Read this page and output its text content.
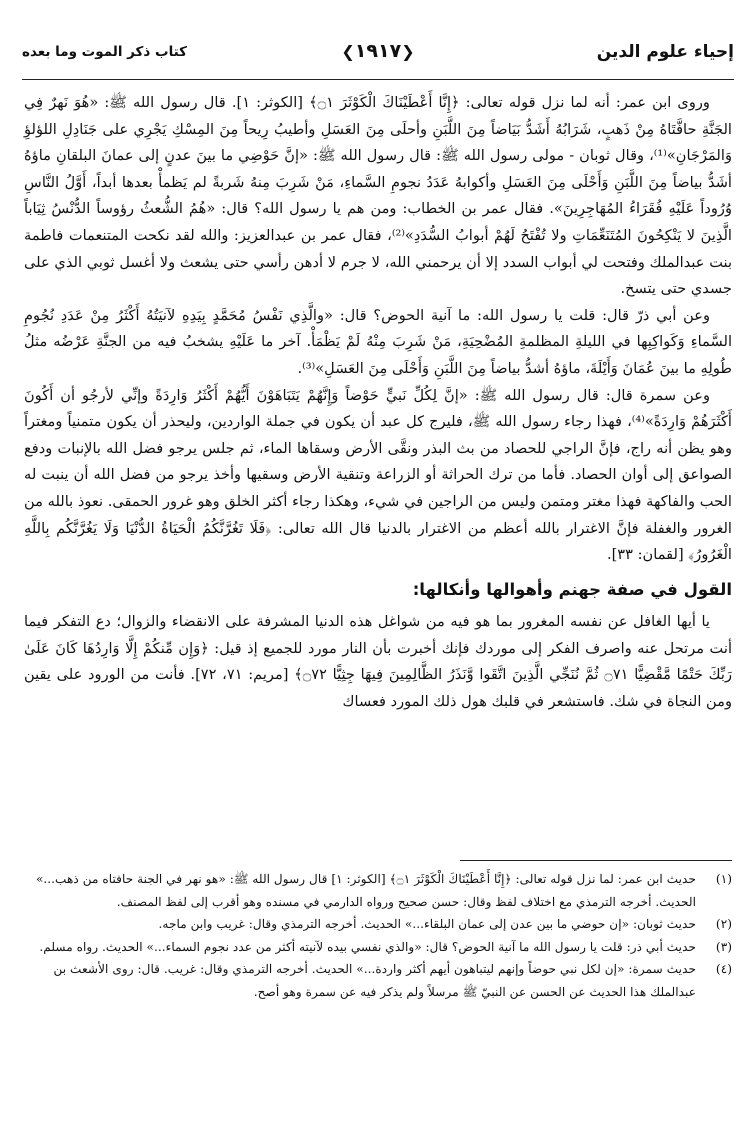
إحياء علوم الدين
❮١٩١٧❯
كتاب ذكر الموت وما بعده

وروى ابن عمر: أنه لما نزل قوله تعالى: ﴿إِنَّا أَعْطَيْنَاكَ الْكَوْثَرَ ۝١﴾ [الكوثر: ١]. قال رسول الله ﷺ: «هُوَ نَهرٌ فِي الجَنَّةِ حافَّتَاهُ مِنْ ذَهبٍ، شَرَابُهُ أَشَدُّ بَيَاضاً مِنَ اللَّبَنِ وأحلَى مِنَ العَسَلِ وأطيبُ رِيحاً مِنَ المِسْكِ يَجْرِي على جَنَادِلِ اللؤلؤِ وَالمَرْجَانِ»⁽¹⁾، وقال ثوبان - مولى رسول الله ﷺ: قال رسول الله ﷺ: «إنَّ حَوْضِي ما بينَ عدنٍ إلى عمانَ البلقانِ ماؤهُ أشَدُّ بياضاً مِنَ اللَّبَنِ وَأَحْلَى مِنَ العَسَلِ وأكوابهُ عَدَدُ نجومِ السَّماءِ، مَنْ شَرِبَ مِنهُ شَربةً لم يَظمأْ بعدها أبداً، أَوَّلُ النَّاسِ وُرُوداً عَلَيْهِ فُقَرَاءُ المُهَاجِرِينَ». فقال عمر بن الخطاب: ومن هم يا رسول الله؟ قال: «هُمُ الشُّعثُ رؤوساً الدُّنْسُ ثِيَاباً الَّذِينَ لا يَنْكِحُونَ المُتَنَعِّمَاتِ ولا تُفْتَحُ لَهُمْ أبوابُ السُّدَدِ»⁽²⁾، فقال عمر بن عبدالعزيز: والله لقد نكحت المتنعمات فاطمة بنت عبدالملك وفتحت لي أبواب السدد إلا أن يرحمني الله، لا جرم لا أدهن رأسي حتى يشعث ولا أغسل ثوبي الذي على جسدي حتى يتسخ.

وعن أبي ذرّ قال: قلت يا رسول الله: ما آنية الحوض؟ قال: «والَّذِي نَفْسُ مُحَمَّدٍ بِيَدِهِ لآنيَتُهُ أَكْثَرُ مِنْ عَدَدِ نُجُومِ السَّماءِ وَكَواكِبِها في الليلةِ المظلمةِ المُضْحِيَةِ، مَنْ شَرِبَ مِنْهُ لَمْ يَظْمَأْ. آخر ما عَلَيْهِ يشخبُ فيه من الجنَّةِ عَرْضُه مثلُ طُولِهِ ما بينَ عُمَانَ وَأَيْلَةَ، ماؤهُ أشدُّ بياضاً مِنَ اللَّبَنِ وَأَحْلَى مِنَ العَسَلِ»⁽³⁾.

وعن سمرة قال: قال رسول الله ﷺ: «إنَّ لِكُلِّ نَبيٍّ حَوْضاً وَإِنَّهُمْ يَتَبَاهَوْنَ أَيُّهُمْ أَكْثَرُ وَارِدَةً وإنِّي لأرجُو أن أَكُونَ أَكْثَرَهُمْ وَارِدَةً»⁽⁴⁾، فهذا رجاء رسول الله ﷺ، فليرج كل عبد أن يكون في جملة الواردين، وليحذر أن يكون متمنياً ومغتراً وهو يظن أنه راج، فإنَّ الراجي للحصاد من بث البذر ونقَّى الأرض وسقاها الماء، ثم جلس يرجو فضل الله بالإنبات ودفع الصواعق إلى أوان الحصاد. فأما من ترك الحراثة أو الزراعة وتنقية الأرض وسقيها وأخذ يرجو من فضل الله أن ينبت له الحب والفاكهة فهذا مغتر ومتمن وليس من الراجين في شيء، وهكذا رجاء أكثر الخلق وهو غرور الحمقى. نعوذ بالله من الغرور والغفلة فإنَّ الاغترار بالله أعظم من الاغترار بالدنيا قال الله تعالى: ﴿فَلَا تَغُرَّنَّكُمُ الْحَيَاةُ الدُّنْيَا وَلَا يَغُرَّنَّكُم بِاللَّهِ الْغَرُورُ﴾ [لقمان: ٣٣].

القول في صفة جهنم وأهوالها وأنكالها:

يا أيها الغافل عن نفسه المغرور بما هو فيه من شواغل هذه الدنيا المشرفة على الانقضاء والزوال؛ دع التفكر فيما أنت مرتحل عنه واصرف الفكر إلى موردك فإنك أخبرت بأن النار مورد للجميع إذ قيل: ﴿وَإِن مِّنكُمْ إِلَّا وَارِدُهَا كَانَ عَلَىٰ رَبِّكَ حَتْمًا مَّقْضِيًّا ۝٧١ ثُمَّ نُنَجِّي الَّذِينَ اتَّقَوا وَّنَذَرُ الظَّالِمِينَ فِيهَا جِثِيًّا ۝٧٢﴾ [مريم: ٧١، ٧٢]. فأنت من الورود على يقين ومن النجاة في شك. فاستشعر في قلبك هول ذلك المورد فعساك

(١)
حديث ابن عمر: لما نزل قوله تعالى: ﴿إِنَّا أَعْطَيْنَاكَ الْكَوْثَرَ ۝١﴾ [الكوثر: ١] قال رسول الله ﷺ: «هو نهر في الجنة حافتاه من ذهب...» الحديث. أخرجه الترمذي مع اختلاف لفظ وقال: حسن صحيح ورواه الدارمي في مسنده وهو أقرب إلى لفظ المصنف.
(٢)
حديث ثوبان: «إن حوضي ما بين عدن إلى عمان البلقاء...» الحديث. أخرجه الترمذي وقال: غريب وابن ماجه.
(٣)
حديث أبي ذر: قلت يا رسول الله ما آنية الحوض؟ قال: «والذي نفسي بيده لآنيته أكثر من عدد نجوم السماء...» الحديث. رواه مسلم.
(٤)
حديث سمرة: «إن لكل نبي حوضاً وإنهم ليتباهون أيهم أكثر واردة...» الحديث. أخرجه الترمذي وقال: غريب. قال: روى الأشعث بن عبدالملك هذا الحديث عن الحسن عن النبيّ ﷺ مرسلاً ولم يذكر فيه عن سمرة وهو أصح.
